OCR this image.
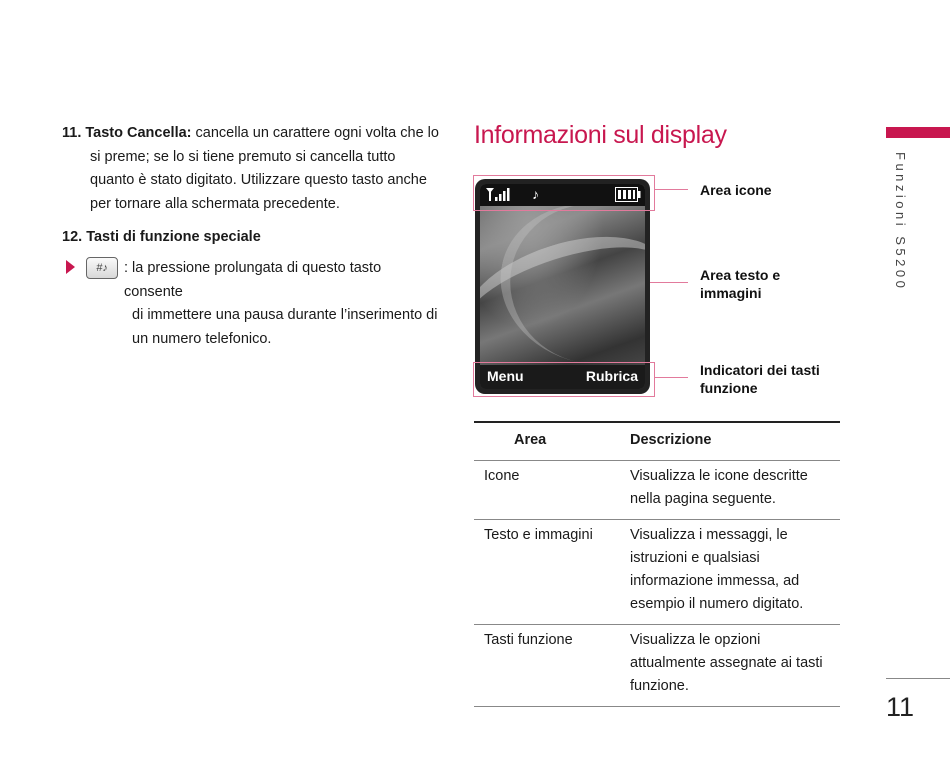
11. Tasto Cancella: cancella un carattere ogni volta che lo si preme; se lo si tiene premuto si cancella tutto quanto è stato digitato. Utilizzare questo tasto anche per tornare alla schermata precedente.
12. Tasti di funzione speciale
#♪	: la pressione prolungata di questo tasto consente
di immettere una pausa durante l’inserimento di un numero telefonico.
Informazioni sul display
Funzioni S5200
♪
Menu	Rubrica
Area icone
Area testo e immagini
Indicatori dei tasti funzione
Area	Descrizione
Icone	Visualizza le icone descritte nella pagina seguente.
Testo e immagini	Visualizza i messaggi, le istruzioni e qualsiasi informazione immessa, ad esempio il numero digitato.
Tasti funzione	Visualizza le opzioni attualmente assegnate ai tasti funzione.
11
